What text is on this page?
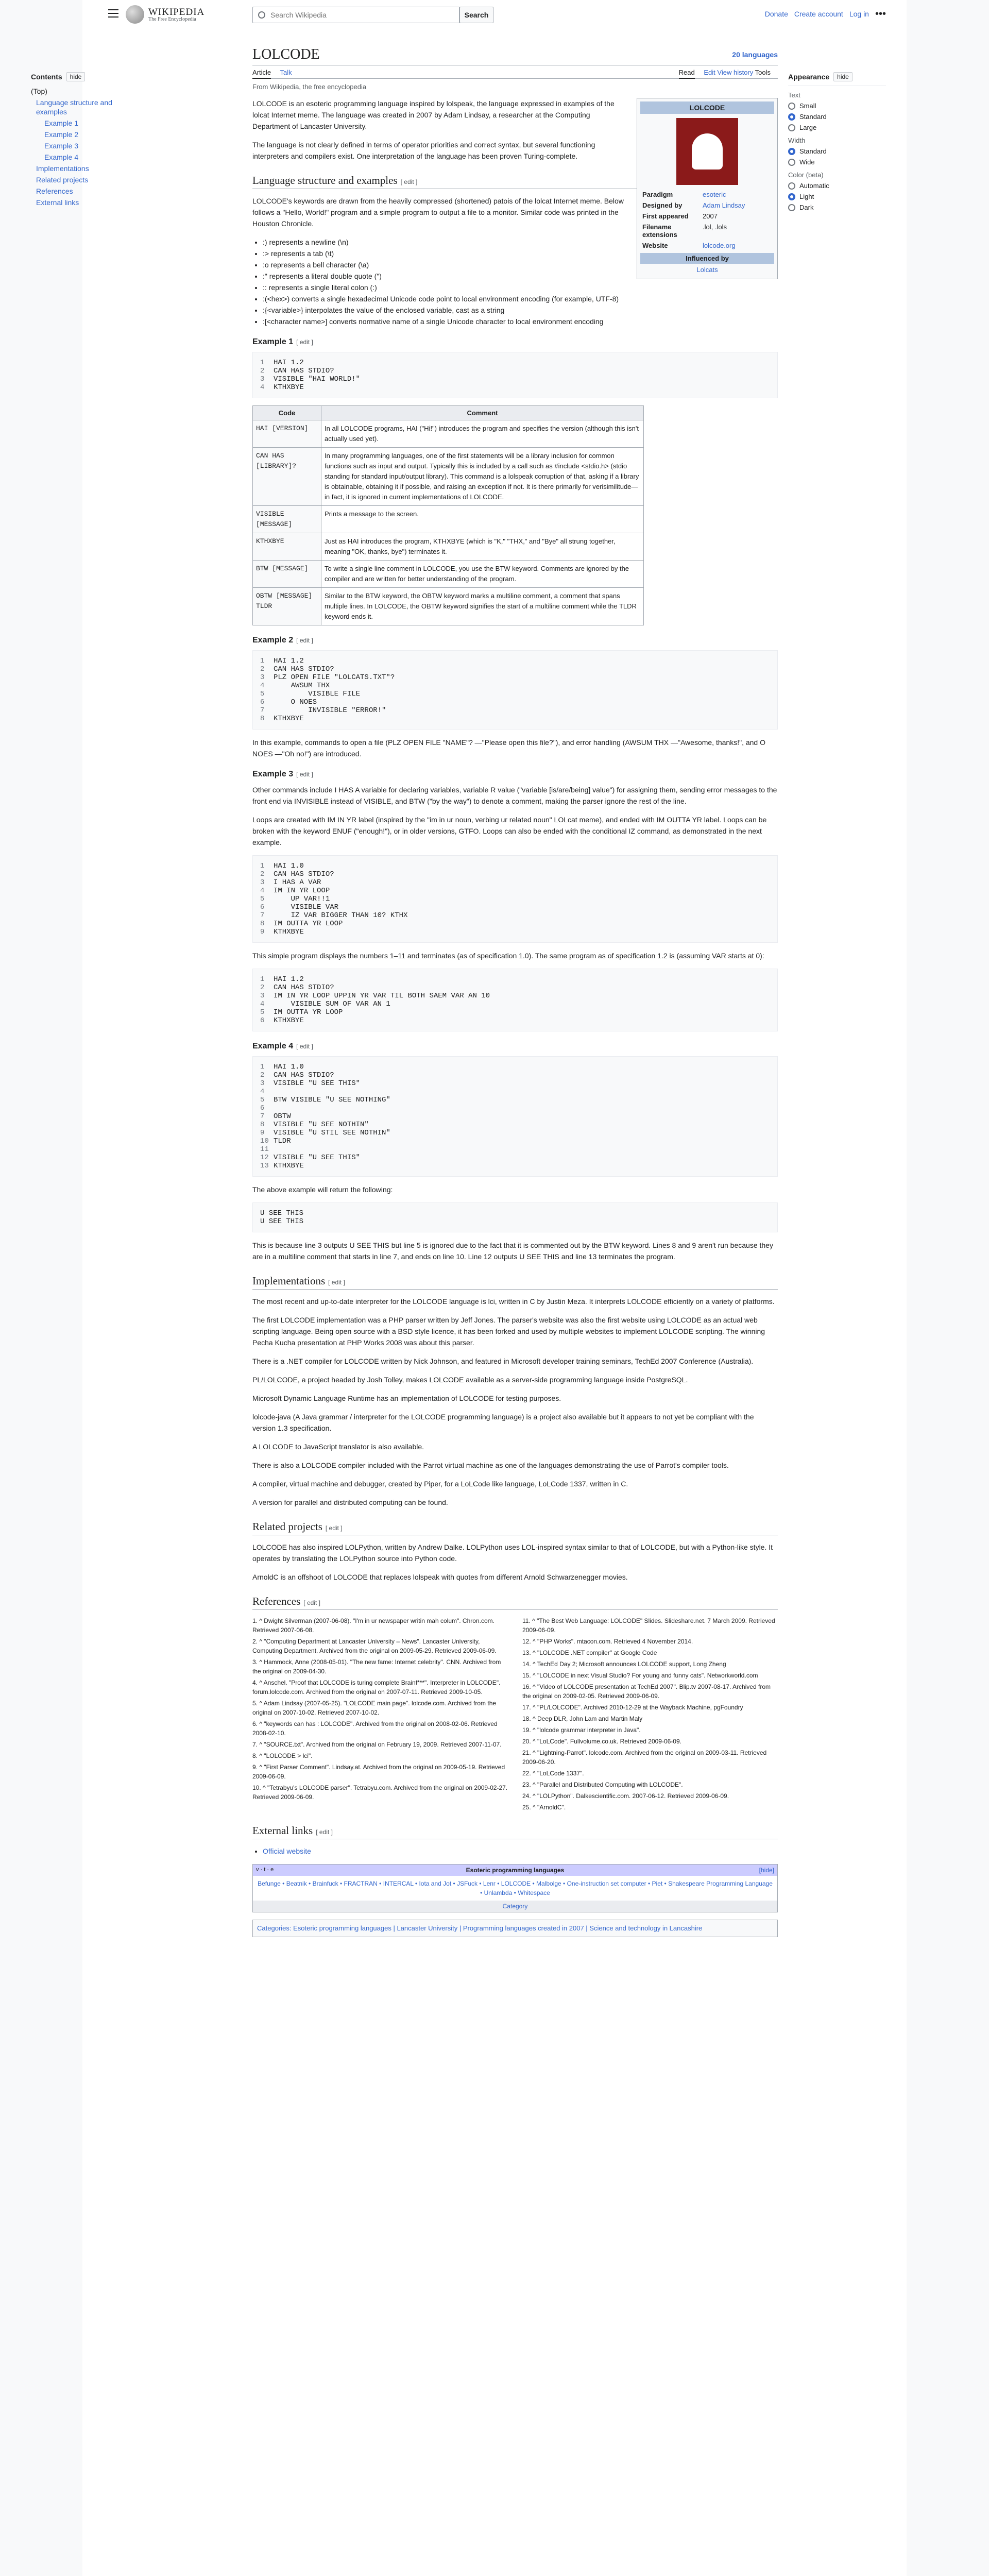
WIKIPEDIA
The Free Encyclopedia
Search Wikipedia	Search	Donate Create account Log in •••
Contents	hide
(Top)
Language structure and examples
Example 1
Example 2
Example 3
Example 4
Implementations
Related projects
References
External links
Appearance	hide
Text
Small
Standard
Large
Width
Standard
Wide
Color (beta)
Automatic
Light
Dark
LOLCODE	20 languages
Article Talk	Read Edit View history Tools
From Wikipedia, the free encyclopedia
LOLCODE
Paradigm	esoteric
Designed by	Adam Lindsay
First appeared	2007
Filename extensions	.lol, .lols
Website	lolcode.org
Influenced by
Lolcats

LOLCODE is an esoteric programming language inspired by lolspeak, the language expressed in examples of the lolcat Internet meme. The language was created in 2007 by Adam Lindsay, a researcher at the Computing Department of Lancaster University.

The language is not clearly defined in terms of operator priorities and correct syntax, but several functioning interpreters and compilers exist. One interpretation of the language has been proven Turing-complete.

Language structure and examples [ edit ]

LOLCODE's keywords are drawn from the heavily compressed (shortened) patois of the lolcat Internet meme. Below follows a "Hello, World!" program and a simple program to output a file to a monitor. Similar code was printed in the Houston Chronicle.

• :) represents a newline (\n)
• :> represents a tab (\t)
• :o represents a bell character (\a)
• :" represents a literal double quote (")
• :: represents a single literal colon (:)
• :(<hex>) converts a single hexadecimal Unicode code point to local environment encoding (for example, UTF-8)
• :{<variable>} interpolates the value of the enclosed variable, cast as a string
• :[<character name>] converts normative name of a single Unicode character to local environment encoding
Example 1 [ edit ]
1 HAI 1.2
2 CAN HAS STDIO?
3 VISIBLE "HAI WORLD!"
4 KTHXBYE
Code	Comment
HAI [VERSION]	In all LOLCODE programs, HAI ("Hi!") introduces the program and specifies the version (although this isn't actually used yet).
CAN HAS [LIBRARY]?	In many programming languages, one of the first statements will be a library inclusion for common functions such as input and output. Typically this is included by a call such as #include <stdio.h> (stdio standing for standard input/output library). This command is a lolspeak corruption of that, asking if a library is obtainable, obtaining it if possible, and raising an exception if not. It is there primarily for verisimilitude—in fact, it is ignored in current implementations of LOLCODE.
VISIBLE [MESSAGE]	Prints a message to the screen.
KTHXBYE	Just as HAI introduces the program, KTHXBYE (which is "K," "THX," and "Bye" all strung together, meaning "OK, thanks, bye") terminates it.
BTW [MESSAGE]	To write a single line comment in LOLCODE, you use the BTW keyword. Comments are ignored by the compiler and are written for better understanding of the program.
OBTW [MESSAGE] TLDR	Similar to the BTW keyword, the OBTW keyword marks a multiline comment, a comment that spans multiple lines. In LOLCODE, the OBTW keyword signifies the start of a multiline comment while the TLDR keyword ends it.
Example 2 [ edit ]
1 HAI 1.2
2 CAN HAS STDIO?
3 PLZ OPEN FILE "LOLCATS.TXT"?
4    AWSUM THX
5        VISIBLE FILE
6    O NOES
7        INVISIBLE "ERROR!"
8 KTHXBYE

In this example, commands to open a file (PLZ OPEN FILE "NAME"? —"Please open this file?"), and error handling (AWSUM THX —"Awesome, thanks!", and O NOES —"Oh no!") are introduced.

Example 3 [ edit ]

Other commands include I HAS A variable for declaring variables, variable R value ("variable [is/are/being] value") for assigning them, sending error messages to the front end via INVISIBLE instead of VISIBLE, and BTW ("by the way") to denote a comment, making the parser ignore the rest of the line.

Loops are created with IM IN YR label (inspired by the "im in ur noun, verbing ur related noun" LOLcat meme), and ended with IM OUTTA YR label. Loops can be broken with the keyword ENUF ("enough!"), or in older versions, GTFO. Loops can also be ended with the conditional IZ command, as demonstrated in the next example.

1 HAI 1.0
2 CAN HAS STDIO?
3 I HAS A VAR
4 IM IN YR LOOP
5    UP VAR!!1
6    VISIBLE VAR
7    IZ VAR BIGGER THAN 10? KTHX
8 IM OUTTA YR LOOP
9 KTHXBYE

This simple program displays the numbers 1–11 and terminates (as of specification 1.0). The same program as of specification 1.2 is (assuming VAR starts at 0):

1 HAI 1.2
2 CAN HAS STDIO?
3 IM IN YR LOOP UPPIN YR VAR TIL BOTH SAEM VAR AN 10
4    VISIBLE SUM OF VAR AN 1
5 IM OUTTA YR LOOP
6 KTHXBYE
Example 4 [ edit ]
1 HAI 1.0
2 CAN HAS STDIO?
3 VISIBLE "U SEE THIS"
4
5 BTW VISIBLE "U SEE NOTHING"
6
7 OBTW
8 VISIBLE "U SEE NOTHIN"
9 VISIBLE "U STIL SEE NOTHIN"
10 TLDR
11
12 VISIBLE "U SEE THIS"
13 KTHXBYE

The above example will return the following:

U SEE THIS
U SEE THIS

This is because line 3 outputs U SEE THIS but line 5 is ignored due to the fact that it is commented out by the BTW keyword. Lines 8 and 9 aren't run because they are in a multiline comment that starts in line 7, and ends on line 10. Line 12 outputs U SEE THIS and line 13 terminates the program.

Implementations [ edit ]

The most recent and up-to-date interpreter for the LOLCODE language is lci, written in C by Justin Meza. It interprets LOLCODE efficiently on a variety of platforms.

The first LOLCODE implementation was a PHP parser written by Jeff Jones. The parser's website was also the first website using LOLCODE as an actual web scripting language. Being open source with a BSD style licence, it has been forked and used by multiple websites to implement LOLCODE scripting. The winning Pecha Kucha presentation at PHP Works 2008 was about this parser.

There is a .NET compiler for LOLCODE written by Nick Johnson, and featured in Microsoft developer training seminars, TechEd 2007 Conference (Australia).

PL/LOLCODE, a project headed by Josh Tolley, makes LOLCODE available as a server-side programming language inside PostgreSQL.

Microsoft Dynamic Language Runtime has an implementation of LOLCODE for testing purposes.

lolcode-java (A Java grammar / interpreter for the LOLCODE programming language) is a project also available but it appears to not yet be compliant with the version 1.3 specification.

A LOLCODE to JavaScript translator is also available.

There is also a LOLCODE compiler included with the Parrot virtual machine as one of the languages demonstrating the use of Parrot's compiler tools.

A compiler, virtual machine and debugger, created by Piper, for a LoLCode like language, LoLCode 1337, written in C.

A version for parallel and distributed computing can be found.

Related projects [ edit ]

LOLCODE has also inspired LOLPython, written by Andrew Dalke. LOLPython uses LOL-inspired syntax similar to that of LOLCODE, but with a Python-like style. It operates by translating the LOLPython source into Python code.

ArnoldC is an offshoot of LOLCODE that replaces lolspeak with quotes from different Arnold Schwarzenegger movies.

References [ edit ]
1. ^ Dwight Silverman (2007-06-08). "I'm in ur newspaper writin mah colum". Chron.com. Retrieved 2007-06-08.
2. ^ "Computing Department at Lancaster University – News". Lancaster University, Computing Department. Archived from the original on 2009-05-29. Retrieved 2009-06-09.
3. ^ Hammock, Anne (2008-05-01). "The new fame: Internet celebrity". CNN. Archived from the original on 2009-04-30.
4. ^ Anschel. "Proof that LOLCODE is turing complete Brainf***". Interpreter in LOLCODE". forum.lolcode.com. Archived from the original on 2007-07-11. Retrieved 2009-10-05.
5. ^ Adam Lindsay (2007-05-25). "LOLCODE main page". lolcode.com. Archived from the original on 2007-10-02. Retrieved 2007-10-02.
6. ^ "keywords can has : LOLCODE". Archived from the original on 2008-02-06. Retrieved 2008-02-10.
7. ^ "SOURCE.txt". Archived from the original on February 19, 2009. Retrieved 2007-11-07.
8. ^ "LOLCODE > lci".
9. ^ "First Parser Comment". Lindsay.at. Archived from the original on 2009-05-19. Retrieved 2009-06-09.
10. ^ "Tetrabyu's LOLCODE parser". Tetrabyu.com. Archived from the original on 2009-02-27. Retrieved 2009-06-09.
11. ^ "The Best Web Language: LOLCODE" Slides. Slideshare.net. 7 March 2009. Retrieved 2009-06-09.
12. ^ "PHP Works". mtacon.com. Retrieved 4 November 2014.
13. ^ "LOLCODE .NET compiler" at Google Code
14. ^ TechEd Day 2; Microsoft announces LOLCODE support, Long Zheng
15. ^ "LOLCODE in next Visual Studio? For young and funny cats". Networkworld.com
16. ^ "Video of LOLCODE presentation at TechEd 2007". Blip.tv 2007-08-17. Archived from the original on 2009-02-05. Retrieved 2009-06-09.
17. ^ "PL/LOLCODE". Archived 2010-12-29 at the Wayback Machine, pgFoundry
18. ^ Deep DLR, John Lam and Martin Maly
19. ^ "lolcode grammar interpreter in Java".
20. ^ "LoLCode". Fullvolume.co.uk. Retrieved 2009-06-09.
21. ^ "Lightning-Parrot". lolcode.com. Archived from the original on 2009-03-11. Retrieved 2009-06-20.
22. ^ "LoLCode 1337".
23. ^ "Parallel and Distributed Computing with LOLCODE".
24. ^ "LOLPython". Dalkescientific.com. 2007-06-12. Retrieved 2009-06-09.
25. ^ "ArnoldC".
External links [ edit ]
• Official website
v · t · e	Esoteric programming languages	[hide]
Befunge • Beatnik • Brainfuck • FRACTRAN • INTERCAL • Iota and Jot • JSFuck • Lenr • LOLCODE • Malbolge • One-instruction set computer • Piet • Shakespeare Programming Language • Unlambda • Whitespace
Category
Categories: Esoteric programming languages | Lancaster University | Programming languages created in 2007 | Science and technology in Lancashire
